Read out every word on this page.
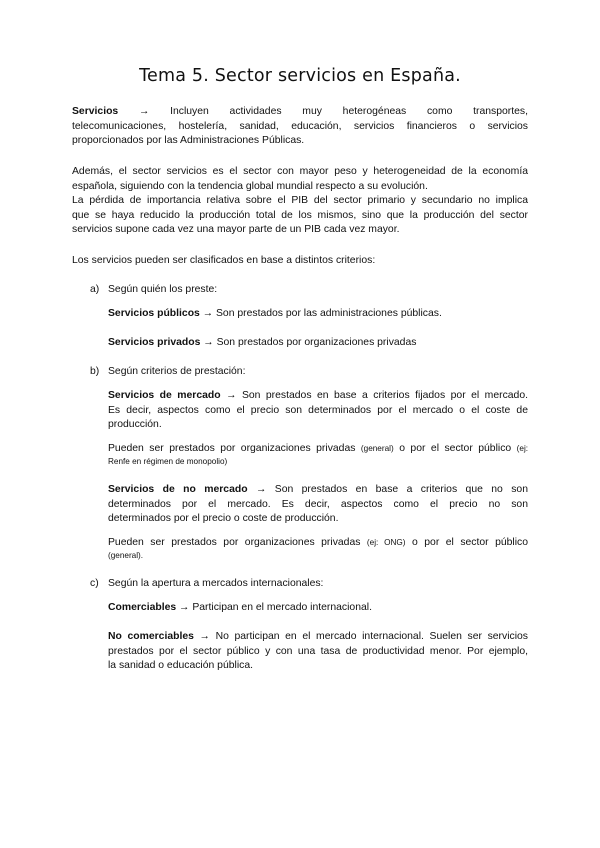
Tema 5. Sector servicios en España.
Servicios → Incluyen actividades muy heterogéneas como transportes,
telecomunicaciones, hostelería, sanidad, educación, servicios financieros o servicios
proporcionados por las Administraciones Públicas.
Además, el sector servicios es el sector con mayor peso y heterogeneidad de la economía
española, siguiendo con la tendencia global mundial respecto a su evolución.
La pérdida de importancia relativa sobre el PIB del sector primario y secundario no implica
que se haya reducido la producción total de los mismos, sino que la producción del sector
servicios supone cada vez una mayor parte de un PIB cada vez mayor.
Los servicios pueden ser clasificados en base a distintos criterios:
a) Según quién los preste:
Servicios públicos → Son prestados por las administraciones públicas.
Servicios privados → Son prestados por organizaciones privadas
b) Según criterios de prestación:
Servicios de mercado → Son prestados en base a criterios fijados por el mercado.
Es decir, aspectos como el precio son determinados por el mercado o el coste de
producción.
Pueden ser prestados por organizaciones privadas (general) o por el sector público (ej:
Renfe en régimen de monopolio)
Servicios de no mercado → Son prestados en base a criterios que no son
determinados por el mercado. Es decir, aspectos como el precio no son
determinados por el precio o coste de producción.
Pueden ser prestados por organizaciones privadas (ej: ONG) o por el sector público
(general).
c) Según la apertura a mercados internacionales:
Comerciables → Participan en el mercado internacional.
No comerciables → No participan en el mercado internacional. Suelen ser servicios
prestados por el sector público y con una tasa de productividad menor. Por ejemplo,
la sanidad o educación pública.
